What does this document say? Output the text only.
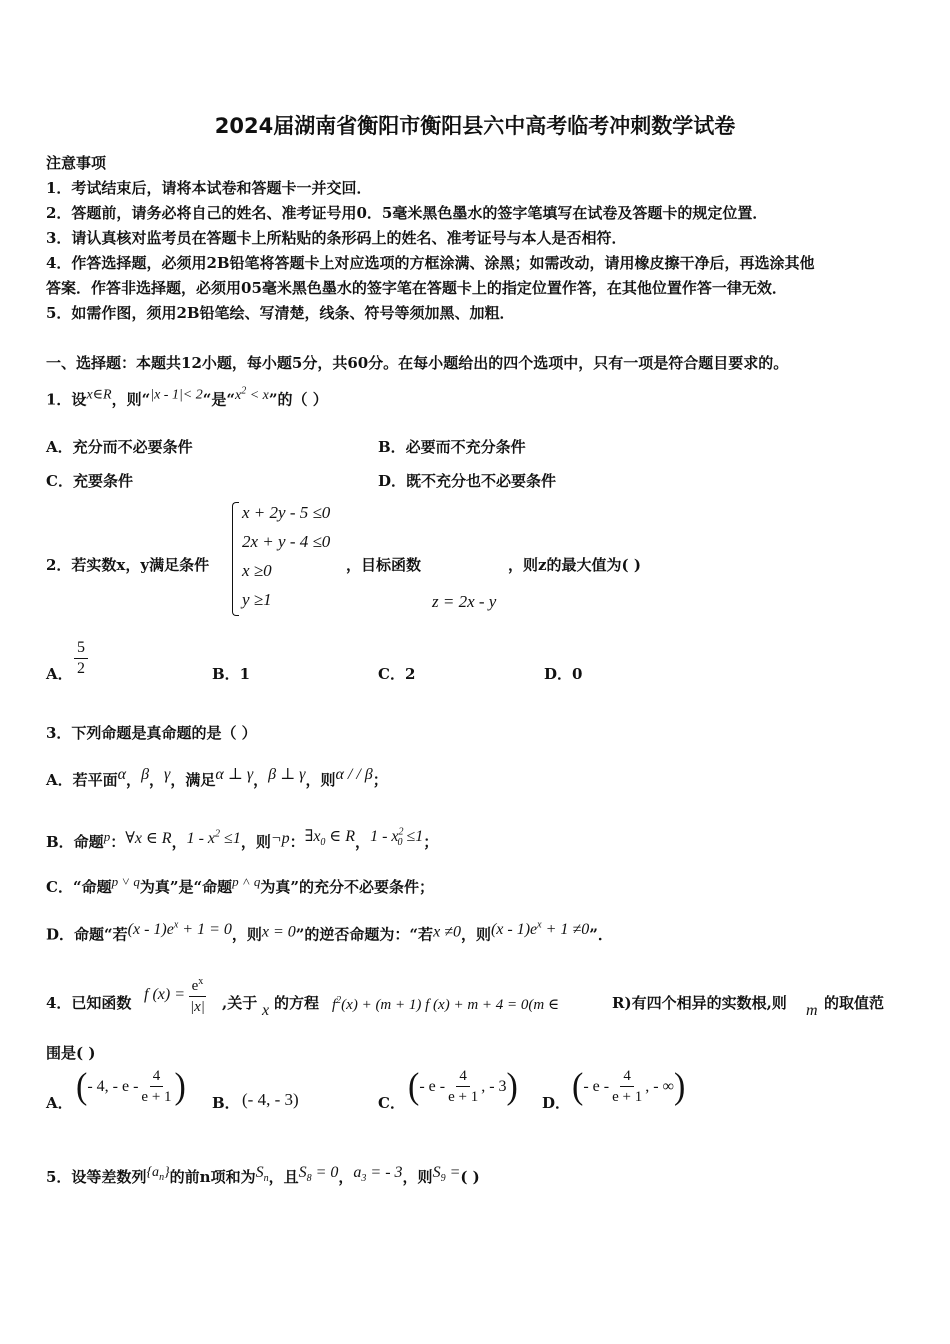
2024届湖南省衡阳市衡阳县六中高考临考冲刺数学试卷
注意事项
1．考试结束后，请将本试卷和答题卡一并交回．
2．答题前，请务必将自己的姓名、准考证号用0．5毫米黑色墨水的签字笔填写在试卷及答题卡的规定位置．
3．请认真核对监考员在答题卡上所粘贴的条形码上的姓名、准考证号与本人是否相符．
4．作答选择题，必须用2B铅笔将答题卡上对应选项的方框涂满、涂黑；如需改动，请用橡皮擦干净后，再选涂其他
答案．作答非选择题，必须用05毫米黑色墨水的签字笔在答题卡上的指定位置作答，在其他位置作答一律无效．
5．如需作图，须用2B铅笔绘、写清楚，线条、符号等须加黑、加粗．
一、选择题：本题共12小题，每小题5分，共60分。在每小题给出的四个选项中，只有一项是符合题目要求的。
1．设x∈R，则“|x - 1|< 2“是“$x^2 < x$”的（ ）
A．充分而不必要条件	B．必要而不充分条件
C．充要条件	D．既不充分也不必要条件
2．若实数x，y满足条件
x + 2y - 5 ≤0
2x + y - 4 ≤0
x ≥0
y ≥1
，目标函数
z = 2x - y
，则z的最大值为( )
A． $\frac{5}{2}$	B．1	C．2	D．0
3．下列命题是真命题的是（ ）
A．若平面α，β，γ，满足α ⊥ γ，β ⊥ γ，则α / / β；
B．命题p：∀x ∈ R，$1 - x^2 \le 1$，则¬p：$\exists x_0$ ∈ R，$1 - x^2_0 \le 1$；
C．“命题p ˅ q为真”是“命题p ˄ q为真”的充分不必要条件；
D．命题“若$(x - 1)e^x + 1 = 0$，则x = 0”的逆否命题为：“若x ≠0，则$(x - 1)e^x + 1 \ne 0$”．
4．已知函数 f $(x) = \frac{e^x}{|x|}$ ,关于 x 的方程 $f^2(x) + (m + 1)$ f (x) + m + 4 = 0(m ∈	R)有四个相异的实数根,则 m 的取值范
围是( )
A． ( - 4, - e - $\frac{4}{e + 1}$ ) B． (- 4, - 3)	C． ( - e - $\frac{4}{e + 1}$ , - 3 ) D． ( - e - $\frac{4}{e + 1}$ , - ∞ )
5．设等差数列$\{a_n\}$的前n项和为$S_n$，且$S_8 = 0$，$a_3$ = - 3，则$S_9$ =( )
